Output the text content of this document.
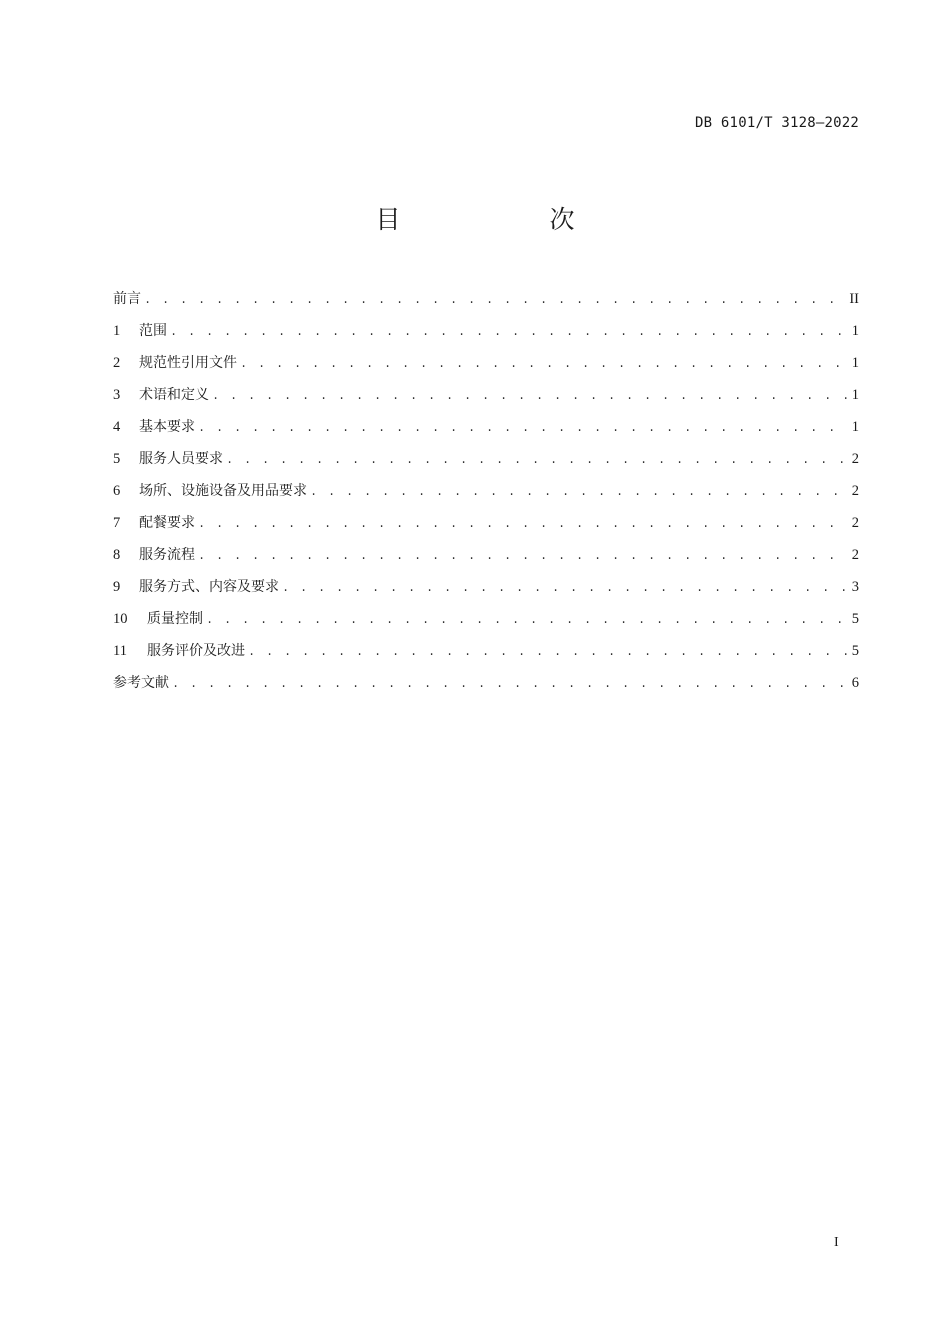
DB 6101/T 3128—2022
目　次
前言 . . .	II
1	范围 . . .	1
2	规范性引用文件 . . .	1
3	术语和定义 . . .	1
4	基本要求 . . .	1
5	服务人员要求 . . .	2
6	场所、设施设备及用品要求 . . .	2
7	配餐要求 . . .	2
8	服务流程 . . .	2
9	服务方式、内容及要求 . . .	3
10	质量控制 . . .	5
11	服务评价及改进 . . .	5
参考文献 . . .	6
I
